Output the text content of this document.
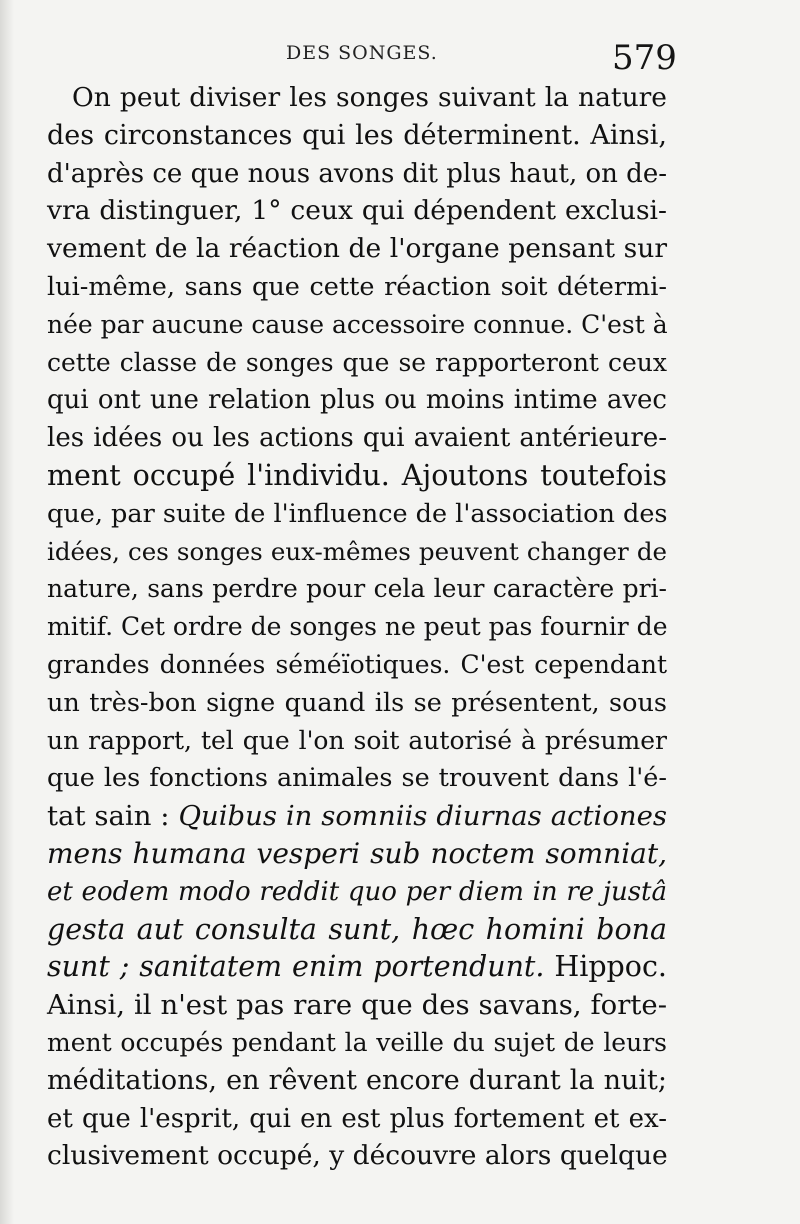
DES SONGES.	579
On peut diviser les songes suivant la nature
des circonstances qui les déterminent. Ainsi,
d'après ce que nous avons dit plus haut, on de-
vra distinguer, 1° ceux qui dépendent exclusi-
vement de la réaction de l'organe pensant sur
lui-même, sans que cette réaction soit détermi-
née par aucune cause accessoire connue. C'est à
cette classe de songes que se rapporteront ceux
qui ont une relation plus ou moins intime avec
les idées ou les actions qui avaient antérieure-
ment occupé l'individu. Ajoutons toutefois
que, par suite de l'influence de l'association des
idées, ces songes eux-mêmes peuvent changer de
nature, sans perdre pour cela leur caractère pri-
mitif. Cet ordre de songes ne peut pas fournir de
grandes données séméïotiques. C'est cependant
un très-bon signe quand ils se présentent, sous
un rapport, tel que l'on soit autorisé à présumer
que les fonctions animales se trouvent dans l'é-
tat sain : Quibus in somniis diurnas actiones
mens humana vesperi sub noctem somniat,
et eodem modo reddit quo per diem in re justâ
gesta aut consulta sunt, hœc homini bona
sunt ; sanitatem enim portendunt. Hippoc.
Ainsi, il n'est pas rare que des savans, forte-
ment occupés pendant la veille du sujet de leurs
méditations, en rêvent encore durant la nuit;
et que l'esprit, qui en est plus fortement et ex-
clusivement occupé, y découvre alors quelque
